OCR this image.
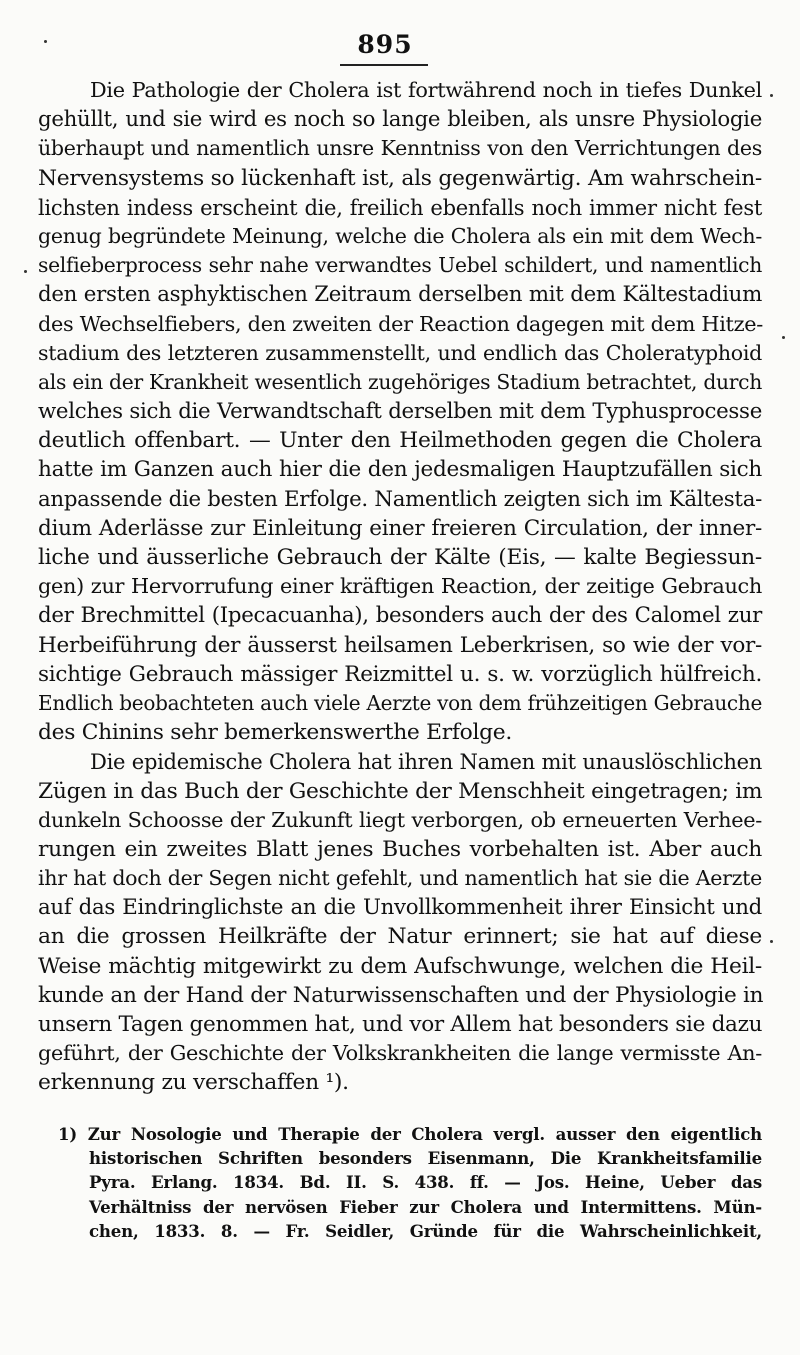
895
Die Pathologie der Cholera ist fortwährend noch in tiefes Dunkel
gehüllt, und sie wird es noch so lange bleiben, als unsre Physiologie
überhaupt und namentlich unsre Kenntniss von den Verrichtungen des
Nervensystems so lückenhaft ist, als gegenwärtig. Am wahrschein-
lichsten indess erscheint die, freilich ebenfalls noch immer nicht fest
genug begründete Meinung, welche die Cholera als ein mit dem Wech-
selfieberprocess sehr nahe verwandtes Uebel schildert, und namentlich
den ersten asphyktischen Zeitraum derselben mit dem Kältestadium
des Wechselfiebers, den zweiten der Reaction dagegen mit dem Hitze-
stadium des letzteren zusammenstellt, und endlich das Choleratyphoid
als ein der Krankheit wesentlich zugehöriges Stadium betrachtet, durch
welches sich die Verwandtschaft derselben mit dem Typhusprocesse
deutlich offenbart. — Unter den Heilmethoden gegen die Cholera
hatte im Ganzen auch hier die den jedesmaligen Hauptzufällen sich
anpassende die besten Erfolge. Namentlich zeigten sich im Kältesta-
dium Aderlässe zur Einleitung einer freieren Circulation, der inner-
liche und äusserliche Gebrauch der Kälte (Eis, — kalte Begiessun-
gen) zur Hervorrufung einer kräftigen Reaction, der zeitige Gebrauch
der Brechmittel (Ipecacuanha), besonders auch der des Calomel zur
Herbeiführung der äusserst heilsamen Leberkrisen, so wie der vor-
sichtige Gebrauch mässiger Reizmittel u. s. w. vorzüglich hülfreich.
Endlich beobachteten auch viele Aerzte von dem frühzeitigen Gebrauche
des Chinins sehr bemerkenswerthe Erfolge.
Die epidemische Cholera hat ihren Namen mit unauslöschlichen
Zügen in das Buch der Geschichte der Menschheit eingetragen; im
dunkeln Schoosse der Zukunft liegt verborgen, ob erneuerten Verhee-
rungen ein zweites Blatt jenes Buches vorbehalten ist. Aber auch
ihr hat doch der Segen nicht gefehlt, und namentlich hat sie die Aerzte
auf das Eindringlichste an die Unvollkommenheit ihrer Einsicht und
an die grossen Heilkräfte der Natur erinnert; sie hat auf diese
Weise mächtig mitgewirkt zu dem Aufschwunge, welchen die Heil-
kunde an der Hand der Naturwissenschaften und der Physiologie in
unsern Tagen genommen hat, und vor Allem hat besonders sie dazu
geführt, der Geschichte der Volkskrankheiten die lange vermisste An-
erkennung zu verschaffen ¹).
1) Zur Nosologie und Therapie der Cholera vergl. ausser den eigentlich
historischen Schriften besonders Eisenmann, Die Krankheitsfamilie
Pyra. Erlang. 1834. Bd. II. S. 438. ff. — Jos. Heine, Ueber das
Verhältniss der nervösen Fieber zur Cholera und Intermittens. Mün-
chen, 1833. 8. — Fr. Seidler, Gründe für die Wahrscheinlichkeit,
